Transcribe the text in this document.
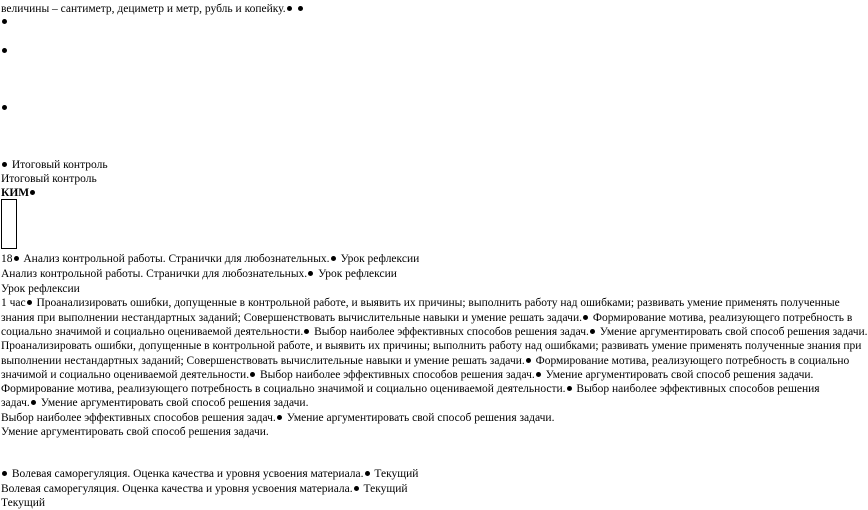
величины – сантиметр, дециметр и метр, рубль и копейку.
Итоговый контроль
Итоговый контроль
КИМ
18 Анализ контрольной работы. Странички для любознательных. Урок рефлексии
Анализ контрольной работы. Странички для любознательных. Урок рефлексии
Урок рефлексии
1 час Проанализировать ошибки, допущенные в контрольной работе, и выявить их причины; выполнить работу над ошибками; развивать умение применять полученные
знания при выполнении нестандартных заданий; Совершенствовать вычислительные навыки и умение решать задачи. Формирование мотива, реализующего потребность в
социально значимой и социально оцениваемой деятельности. Выбор наиболее эффективных способов решения задач. Умение аргументировать свой способ решения задачи.
Проанализировать ошибки, допущенные в контрольной работе, и выявить их причины; выполнить работу над ошибками; развивать умение применять полученные знания при
выполнении нестандартных заданий; Совершенствовать вычислительные навыки и умение решать задачи. Формирование мотива, реализующего потребность в социально
значимой и социально оцениваемой деятельности. Выбор наиболее эффективных способов решения задач. Умение аргументировать свой способ решения задачи.
Формирование мотива, реализующего потребность в социально значимой и социально оцениваемой деятельности. Выбор наиболее эффективных способов решения
задач. Умение аргументировать свой способ решения задачи.
Выбор наиболее эффективных способов решения задач. Умение аргументировать свой способ решения задачи.
Умение аргументировать свой способ решения задачи.
Волевая саморегуляция. Оценка качества и уровня усвоения материала. Текущий
Волевая саморегуляция. Оценка качества и уровня усвоения материала. Текущий
Текущий
